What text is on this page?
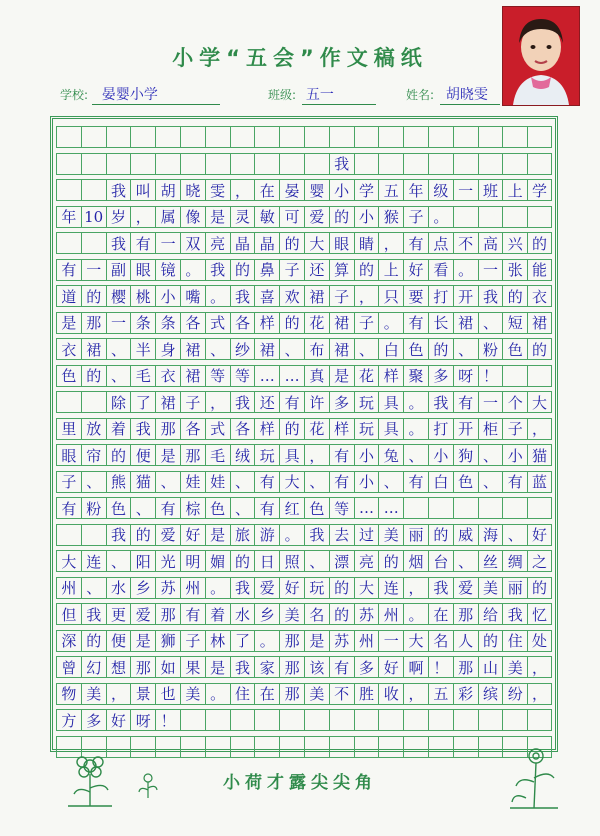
小学“五会”作文稿纸
学校: 晏婴小学	班级: 五一	姓名: 胡晓雯
我
我 叫 胡 晓 雯 ， 在 晏 婴 小 学 五 年 级 一 班 上 学
年 10 岁 ， 属 像 是 灵 敏 可 爱 的 小 猴 子 。
我 有 一 双 亮 晶 晶 的 大 眼 睛 ， 有 点 不 高 兴 的
有 一 副 眼 镜 。 我 的 鼻 子 还 算 的 上 好 看 。 一 张 能
道 的 樱 桃 小 嘴 。 我 喜 欢 裙 子 ， 只 要 打 开 我 的 衣
是 那 一 条 条 各 式 各 样 的 花 裙 子 。 有 长 裙 、 短 裙
衣 裙 、 半 身 裙 、 纱 裙 、 布 裙 、 白 色 的 、 粉 色 的
色 的 、 毛 衣 裙 等 等 … … 真 是 花 样 聚 多 呀 ！
除 了 裙 子 ， 我 还 有 许 多 玩 具 。 我 有 一 个 大
里 放 着 我 那 各 式 各 样 的 花 样 玩 具 。 打 开 柜 子 ，
眼 帘 的 便 是 那 毛 绒 玩 具 ， 有 小 兔 、 小 狗 、 小 猫
子 、 熊 猫 、 娃 娃 、 有 大 、 有 小 、 有 白 色 、 有 蓝
有 粉 色 、 有 棕 色 、 有 红 色 等 … …
我 的 爱 好 是 旅 游 。 我 去 过 美 丽 的 威 海 、 好
大 连 、 阳 光 明 媚 的 日 照 、 漂 亮 的 烟 台 、 丝 绸 之
州 、 水 乡 苏 州 。 我 爱 好 玩 的 大 连 ， 我 爱 美 丽 的
但 我 更 爱 那 有 着 水 乡 美 名 的 苏 州 。 在 那 给 我 忆
深 的 便 是 狮 子 林 了 。 那 是 苏 州 一 大 名 人 的 住 处
曾 幻 想 那 如 果 是 我 家 那 该 有 多 好 啊 ！ 那 山 美 ，
物 美 ， 景 也 美 。 住 在 那 美 不 胜 收 ， 五 彩 缤 纷 ，
方 多 好 呀 ！
小荷才露尖尖角
